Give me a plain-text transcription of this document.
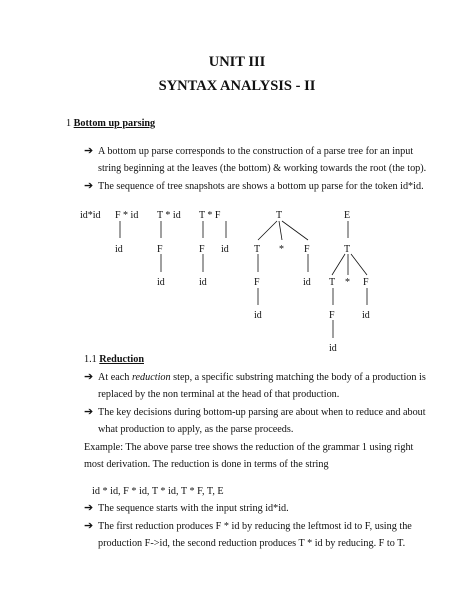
UNIT III
SYNTAX ANALYSIS - II
1 Bottom up parsing
➔ A bottom up parse corresponds to the construction of a parse tree for an input
string beginning at the leaves (the bottom) & working towards the root (the top).
➔ The sequence of tree snapshots are shows a bottom up parse for the token id*id.
id*id F * id
id
T * id
F
id
T * F
F id
id
T
T * F
F	id
id
E
T
T * F
F	id
id
1.1 Reduction
➔ At each reduction step, a specific substring matching the body of a production is
replaced by the non terminal at the head of that production.
➔ The key decisions during bottom-up parsing are about when to reduce and about
what production to apply, as the parse proceeds.
Example: The above parse tree shows the reduction of the grammar 1 using right
most derivation. The reduction is done in terms of the string
id * id, F * id, T * id, T * F, T, E
➔ The sequence starts with the input string id*id.
➔ The first reduction produces F * id by reducing the leftmost id to F, using the
production F->id, the second reduction produces T * id by reducing. F to T.
